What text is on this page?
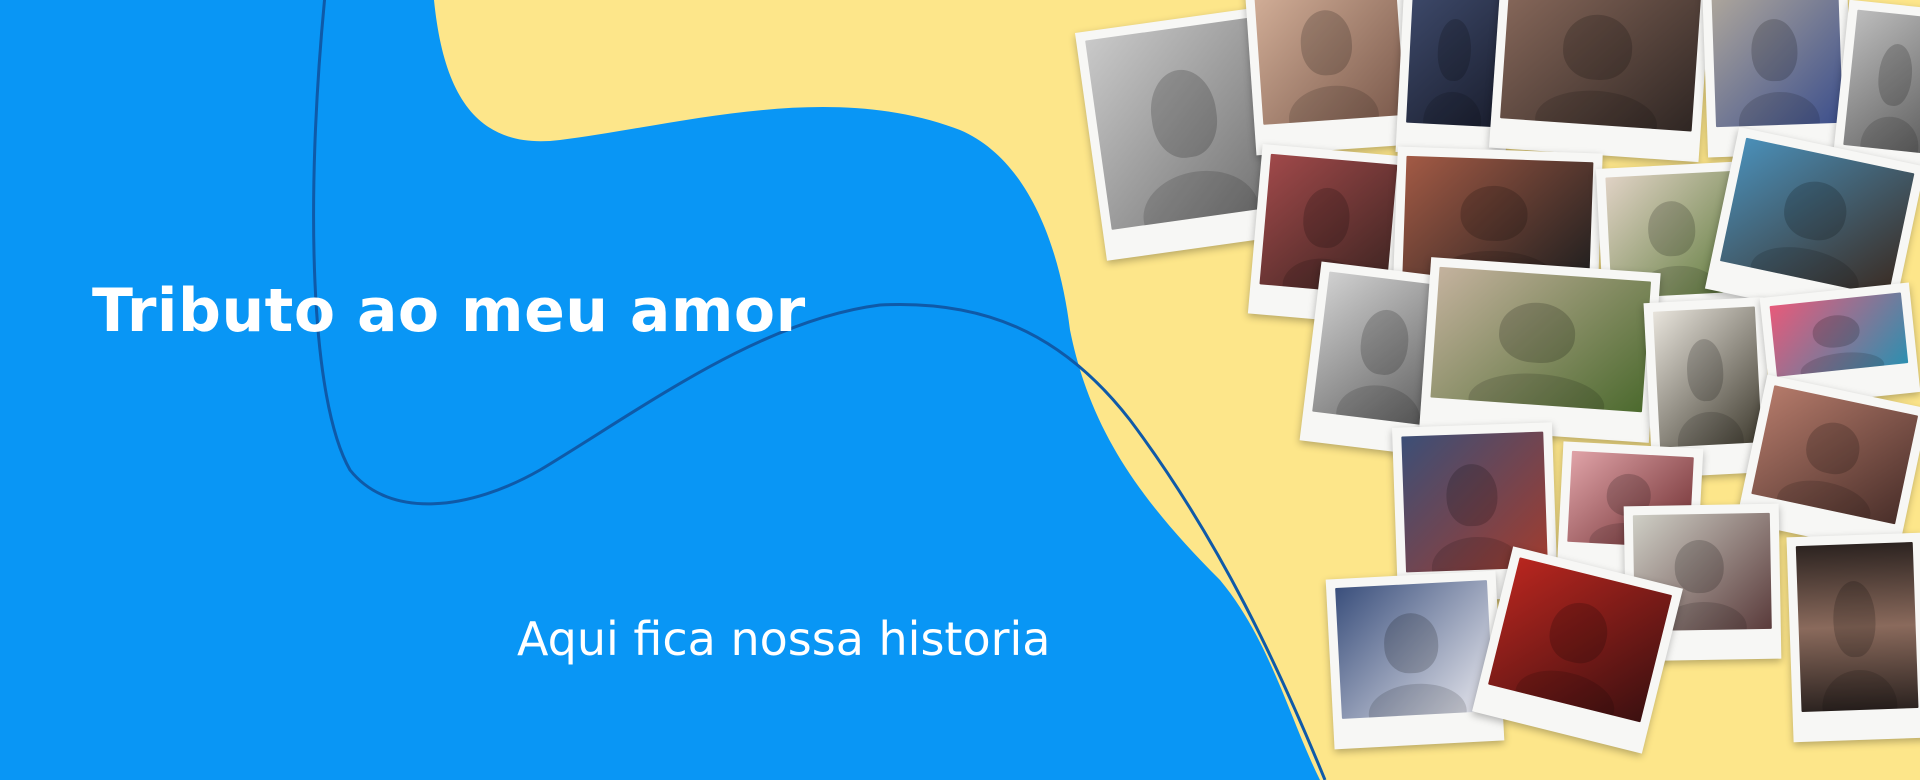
Tributo ao meu amor

Aqui fica nossa historia
